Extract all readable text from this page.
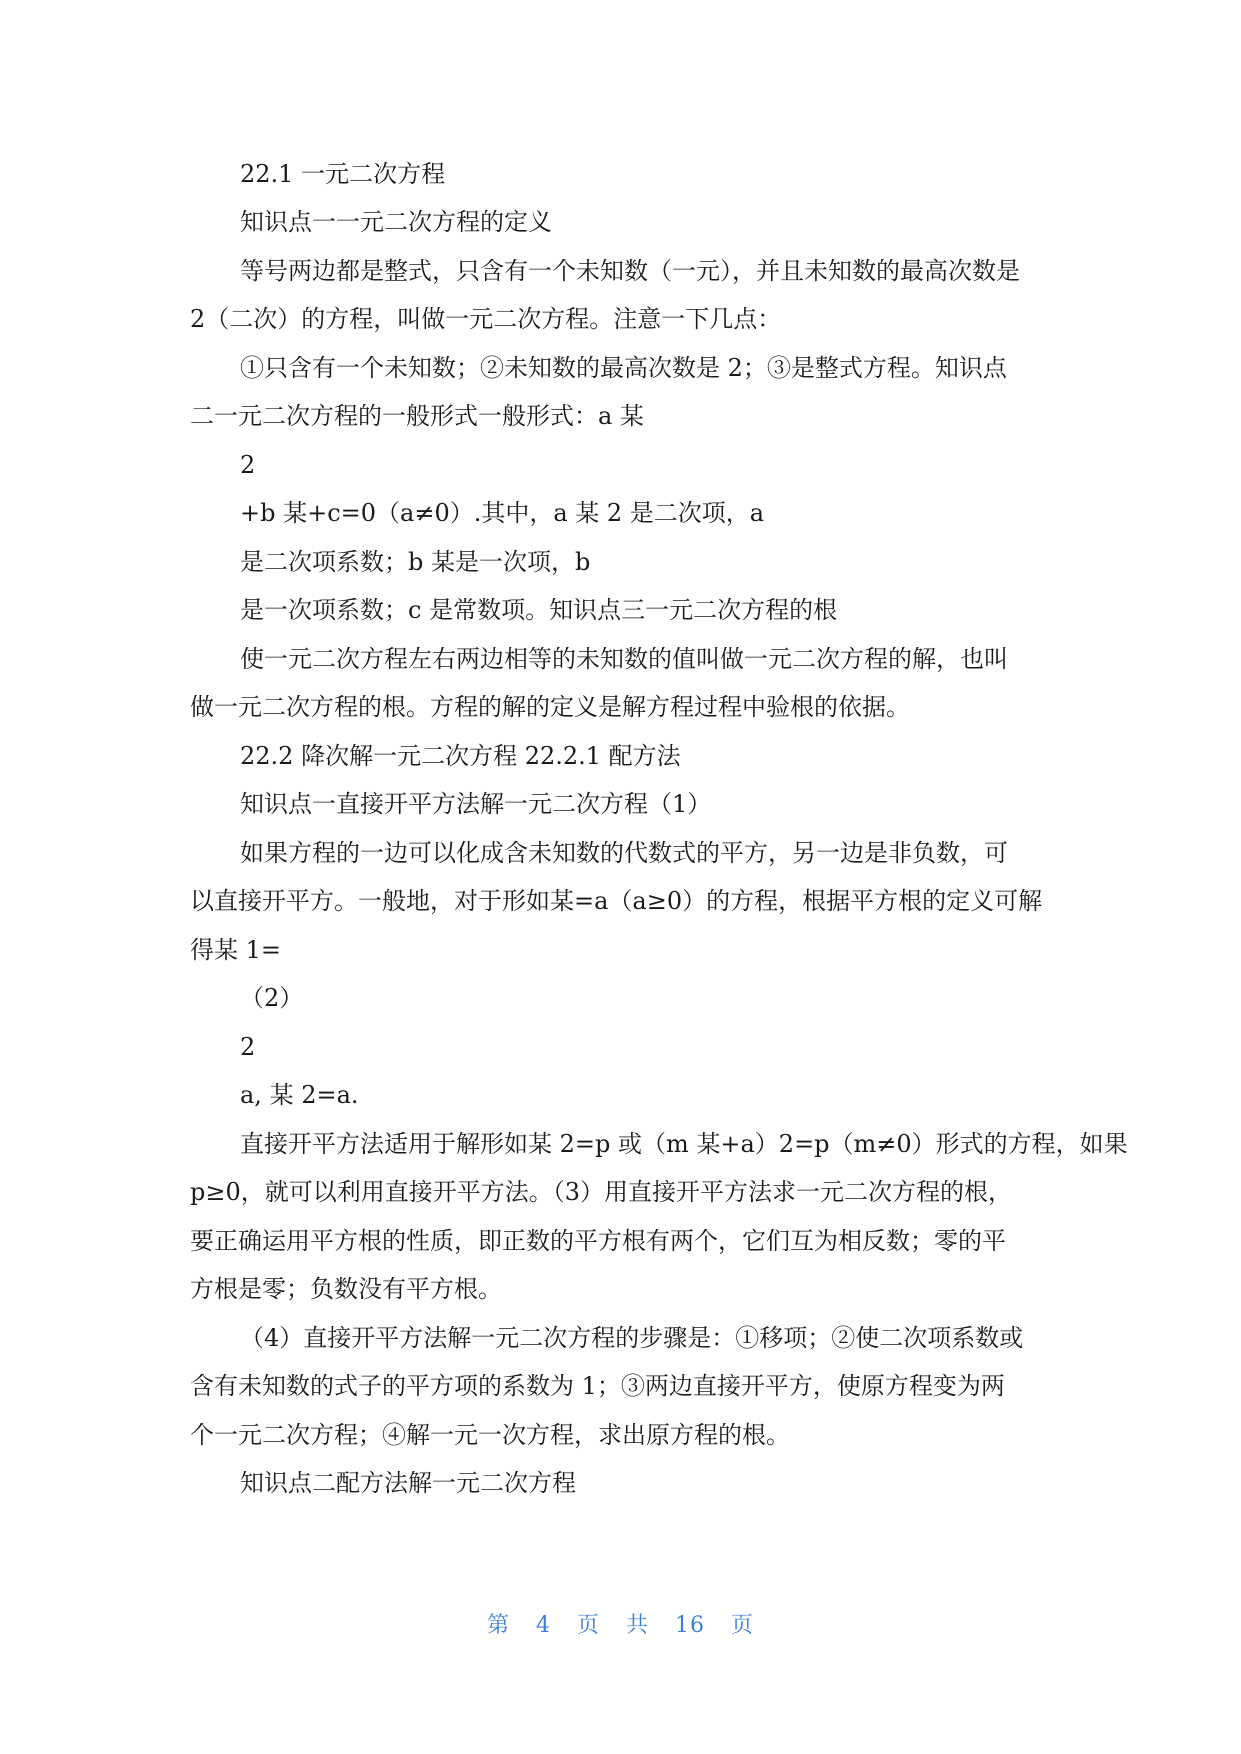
22.1 一元二次方程
知识点一一元二次方程的定义
等号两边都是整式，只含有一个未知数（一元），并且未知数的最高次数是
2（二次）的方程，叫做一元二次方程。注意一下几点：
①只含有一个未知数；②未知数的最高次数是 2；③是整式方程。知识点
二一元二次方程的一般形式一般形式：a 某
2
+b 某+c=0（a≠0）.其中，a 某 2 是二次项，a
是二次项系数；b 某是一次项，b
是一次项系数；c 是常数项。知识点三一元二次方程的根
使一元二次方程左右两边相等的未知数的值叫做一元二次方程的解，也叫
做一元二次方程的根。方程的解的定义是解方程过程中验根的依据。
22.2 降次解一元二次方程 22.2.1 配方法
知识点一直接开平方法解一元二次方程（1）
如果方程的一边可以化成含未知数的代数式的平方，另一边是非负数，可
以直接开平方。一般地，对于形如某=a（a≥0）的方程，根据平方根的定义可解
得某 1=
（2）
2
a, 某 2=a.
直接开平方法适用于解形如某 2=p 或（m 某+a）2=p（m≠0）形式的方程，如果
p≥0，就可以利用直接开平方法。（3）用直接开平方法求一元二次方程的根，
要正确运用平方根的性质，即正数的平方根有两个，它们互为相反数；零的平
方根是零；负数没有平方根。
（4）直接开平方法解一元二次方程的步骤是：①移项；②使二次项系数或
含有未知数的式子的平方项的系数为 1；③两边直接开平方，使原方程变为两
个一元二次方程；④解一元一次方程，求出原方程的根。
知识点二配方法解一元二次方程
第 4 页 共 16 页
